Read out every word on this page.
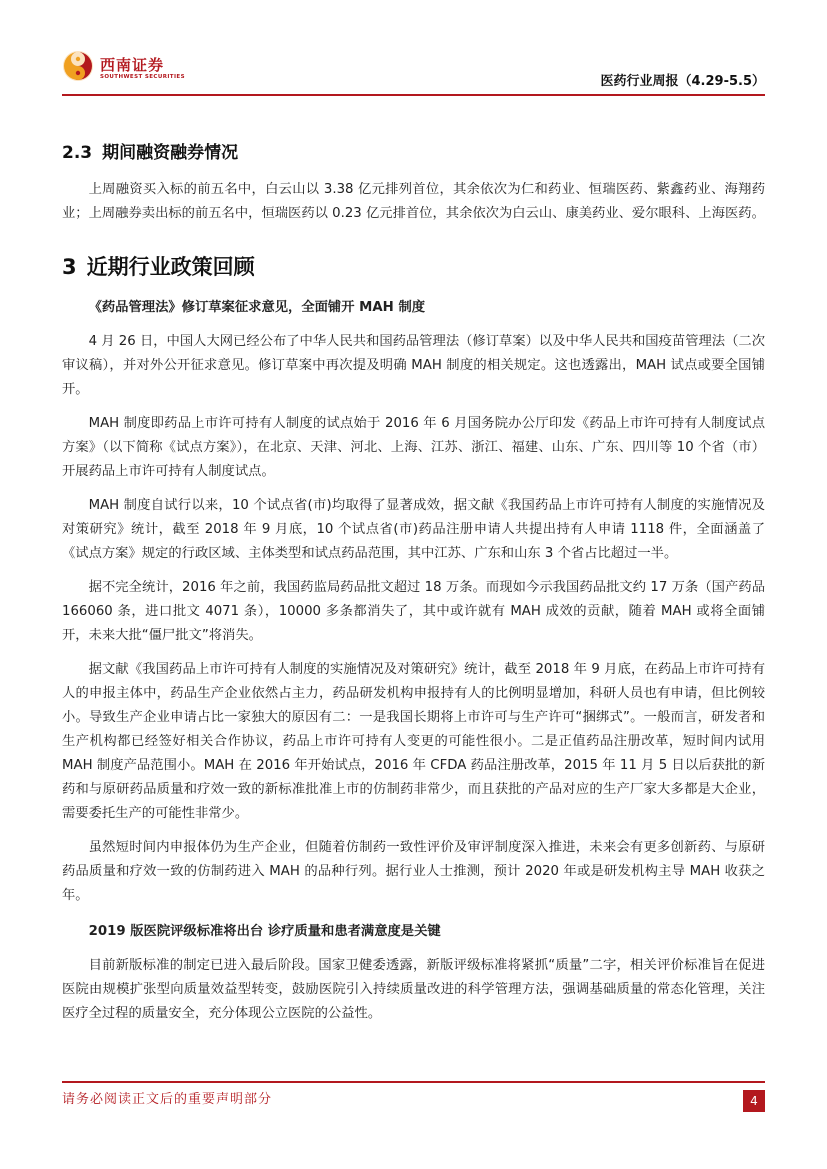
西南证券
SOUTHWEST SECURITIES	医药行业周报（4.29-5.5）
2.3 期间融资融券情况

上周融资买入标的前五名中，白云山以 3.38 亿元排列首位，其余依次为仁和药业、恒瑞医药、紫鑫药业、海翔药业；上周融券卖出标的前五名中，恒瑞医药以 0.23 亿元排首位，其余依次为白云山、康美药业、爱尔眼科、上海医药。

3 近期行业政策回顾

《药品管理法》修订草案征求意见，全面铺开 MAH 制度

4 月 26 日，中国人大网已经公布了中华人民共和国药品管理法（修订草案）以及中华人民共和国疫苗管理法（二次审议稿），并对外公开征求意见。修订草案中再次提及明确 MAH 制度的相关规定。这也透露出，MAH 试点或要全国铺开。

MAH 制度即药品上市许可持有人制度的试点始于 2016 年 6 月国务院办公厅印发《药品上市许可持有人制度试点方案》（以下简称《试点方案》），在北京、天津、河北、上海、江苏、浙江、福建、山东、广东、四川等 10 个省（市）开展药品上市许可持有人制度试点。

MAH 制度自试行以来，10 个试点省(市)均取得了显著成效，据文献《我国药品上市许可持有人制度的实施情况及对策研究》统计，截至 2018 年 9 月底，10 个试点省(市)药品注册申请人共提出持有人申请 1118 件，全面涵盖了《试点方案》规定的行政区域、主体类型和试点药品范围，其中江苏、广东和山东 3 个省占比超过一半。

据不完全统计，2016 年之前，我国药监局药品批文超过 18 万条。而现如今示我国药品批文约 17 万条（国产药品 166060 条，进口批文 4071 条），10000 多条都消失了，其中或许就有 MAH 成效的贡献，随着 MAH 或将全面铺开，未来大批“僵尸批文”将消失。

据文献《我国药品上市许可持有人制度的实施情况及对策研究》统计，截至 2018 年 9 月底，在药品上市许可持有人的申报主体中，药品生产企业依然占主力，药品研发机构申报持有人的比例明显增加，科研人员也有申请，但比例较小。导致生产企业申请占比一家独大的原因有二：一是我国长期将上市许可与生产许可“捆绑式”。一般而言，研发者和生产机构都已经签好相关合作协议，药品上市许可持有人变更的可能性很小。二是正值药品注册改革，短时间内试用 MAH 制度产品范围小。MAH 在 2016 年开始试点，2016 年 CFDA 药品注册改革，2015 年 11 月 5 日以后获批的新药和与原研药品质量和疗效一致的新标准批准上市的仿制药非常少，而且获批的产品对应的生产厂家大多都是大企业，需要委托生产的可能性非常少。

虽然短时间内申报体仍为生产企业，但随着仿制药一致性评价及审评制度深入推进，未来会有更多创新药、与原研药品质量和疗效一致的仿制药进入 MAH 的品种行列。据行业人士推测，预计 2020 年或是研发机构主导 MAH 收获之年。

2019 版医院评级标准将出台 诊疗质量和患者满意度是关键

目前新版标准的制定已进入最后阶段。国家卫健委透露，新版评级标准将紧抓“质量”二字，相关评价标准旨在促进医院由规模扩张型向质量效益型转变，鼓励医院引入持续质量改进的科学管理方法，强调基础质量的常态化管理，关注医疗全过程的质量安全，充分体现公立医院的公益性。

请务必阅读正文后的重要声明部分	4
